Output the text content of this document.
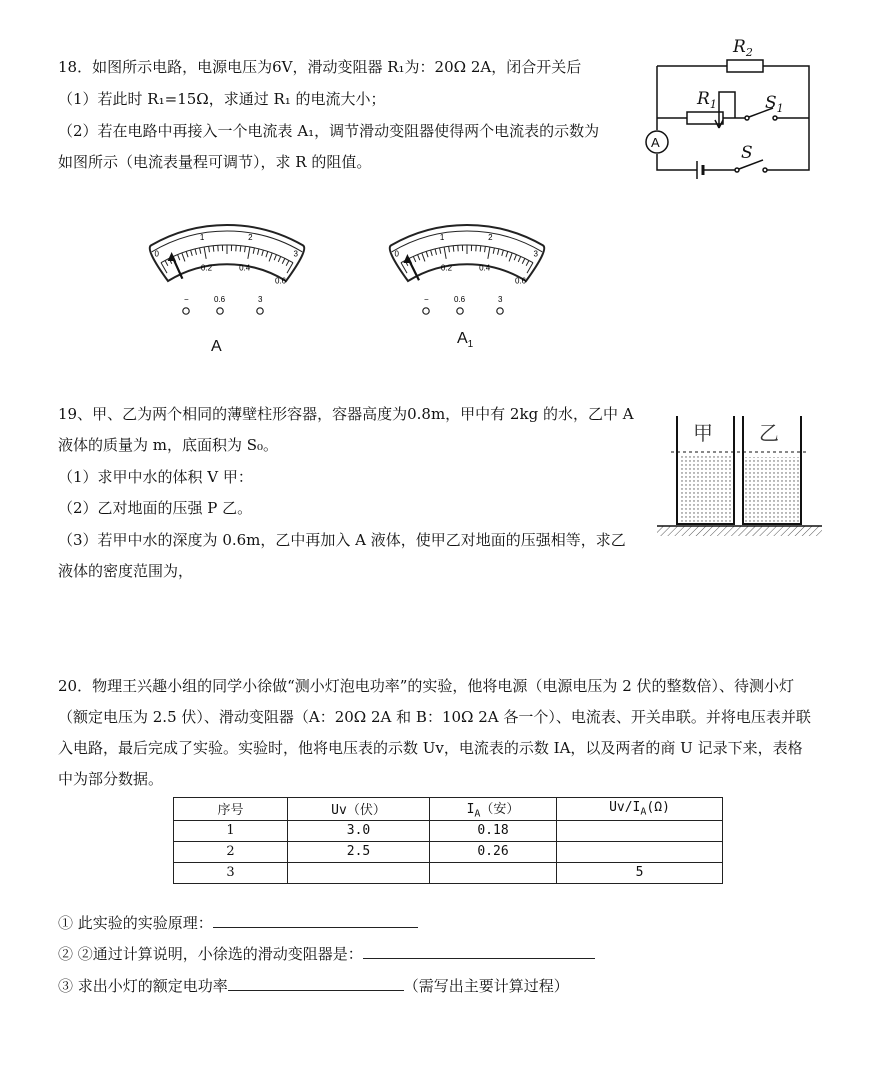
18．如图所示电路，电源电压为6V，滑动变阻器 R₁为：20Ω 2A，闭合开关后
（1）若此时 R₁=15Ω，求通过 R₁ 的电流大小；
（2）若在电路中再接入一个电流表 A₁，调节滑动变阻器使得两个电流表的示数为
如图所示（电流表量程可调节），求 R 的阻值。
$R_2$
$R_1$	$S_1$
S
A
0
1	2
3
0.2	0.4
0.6
−	0.6	3
0
1	2
3
0.2	0.4
0.6
−	0.6	3
A	$A_1$
19、甲、乙为两个相同的薄壁柱形容器，容器高度为0.8m，甲中有 2kg 的水，乙中 A
液体的质量为 m，底面积为 S₀。
（1）求甲中水的体积 V 甲：
（2）乙对地面的压强 P 乙。
（3）若甲中水的深度为 0.6m，乙中再加入 A 液体，使甲乙对地面的压强相等，求乙
液体的密度范围为，
甲 乙
20．物理王兴趣小组的同学小徐做“测小灯泡电功率”的实验，他将电源（电源电压为 2 伏的整数倍）、待测小灯
（额定电压为 2.5 伏）、滑动变阻器（A：20Ω 2A 和 B：10Ω 2A 各一个）、电流表、开关串联。并将电压表并联
入电路，最后完成了实验。实验时，他将电压表的示数 Uv，电流表的示数 IA，以及两者的商 U 记录下来，表格
中为部分数据。
序号	Uv（伏）	$I_A$（安）	$Uv/I_A(\Omega)$
1	3.0	0.18	
2	2.5	0.26	
3			5
① 此实验的实验原理：
② ②通过计算说明，小徐选的滑动变阻器是：
③ 求出小灯的额定电功率	（需写出主要计算过程）
